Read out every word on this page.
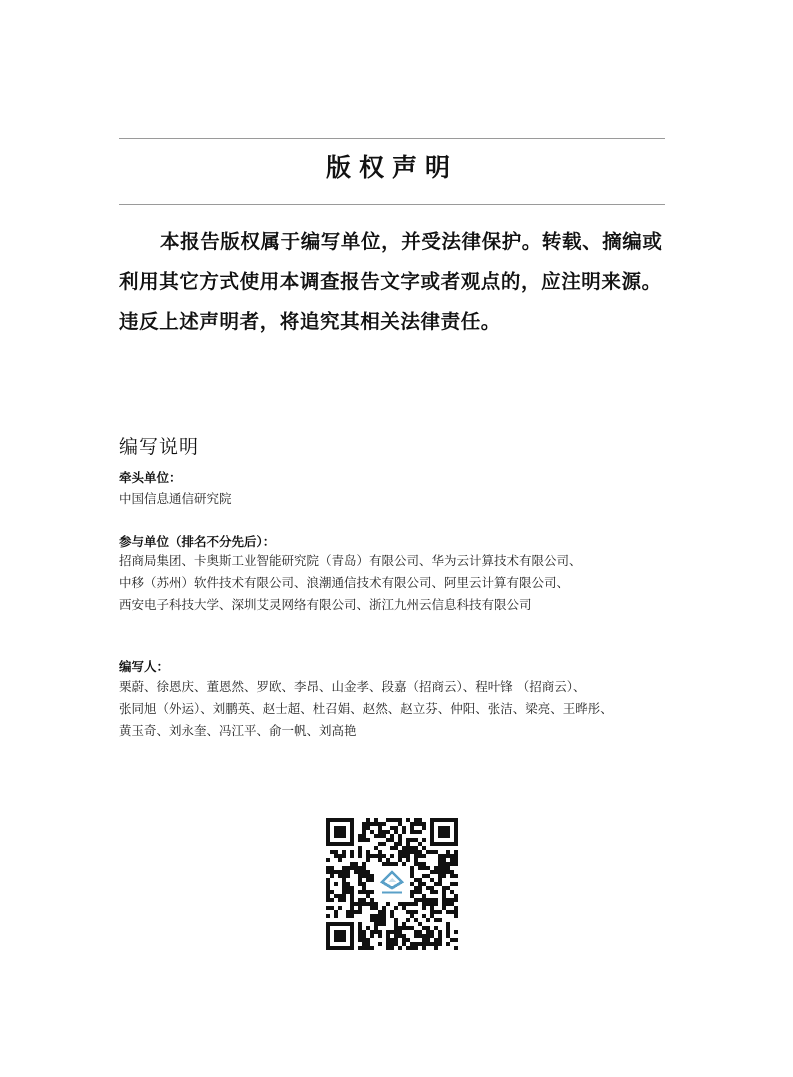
版权声明
本报告版权属于编写单位，并受法律保护。转载、摘编或
利用其它方式使用本调查报告文字或者观点的，应注明来源。
违反上述声明者，将追究其相关法律责任。
编写说明
牵头单位：
中国信息通信研究院
参与单位（排名不分先后）：
招商局集团、卡奥斯工业智能研究院（青岛）有限公司、华为云计算技术有限公司、
中移（苏州）软件技术有限公司、浪潮通信技术有限公司、阿里云计算有限公司、
西安电子科技大学、深圳艾灵网络有限公司、浙江九州云信息科技有限公司
编写人：
栗蔚、徐恩庆、董恩然、罗欧、李昂、山金孝、段嘉（招商云）、程叶锋 （招商云）、
张同旭（外运）、刘鹏英、赵士超、杜召娟、赵然、赵立芬、仲阳、张洁、梁亮、王晔彤、
黄玉奇、刘永奎、冯江平、俞一帆、刘高艳
